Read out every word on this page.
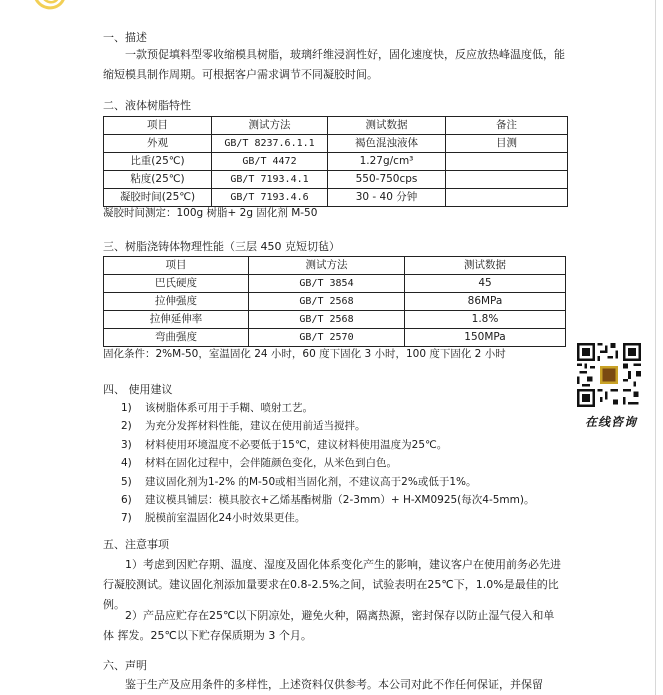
一、描述
一款预促填料型零收缩模具树脂，玻璃纤维浸润性好，固化速度快，反应放热峰温度低，能缩短模具制作周期。可根据客户需求调节不同凝胶时间。
二、液体树脂特性
项目	测试方法	测试数据	备注
外观	GB/T 8237.6.1.1	褐色混浊液体	目测
比重(25℃)	GB/T 4472	1.27g/cm³	
粘度(25℃)	GB/T 7193.4.1	550-750cps	
凝胶时间(25℃)	GB/T 7193.4.6	30 - 40 分钟	
凝胶时间测定：100g 树脂+ 2g 固化剂 M-50
三、树脂浇铸体物理性能（三层 450 克短切毡）
项目	测试方法	测试数据
巴氏硬度	GB/T 3854	45
拉伸强度	GB/T 2568	86MPa
拉伸延伸率	GB/T 2568	1.8%
弯曲强度	GB/T 2570	150MPa
固化条件：2%M-50，室温固化 24 小时，60 度下固化 3 小时，100 度下固化 2 小时
在线咨询
四、 使用建议
1) 该树脂体系可用于手糊、喷射工艺。
2) 为充分发挥材料性能，建议在使用前适当搅拌。
3) 材料使用环境温度不必要低于15℃，建议材料使用温度为25℃。
4) 材料在固化过程中，会伴随颜色变化，从米色到白色。
5) 建议固化剂为1-2% 的M-50或相当固化剂，不建议高于2%或低于1%。
6) 建议模具铺层：模具胶衣+乙烯基酯树脂（2-3mm）+ H-XM0925(每次4-5mm)。
7) 脱模前室温固化24小时效果更佳。
五、注意事项
1）考虑到因贮存期、温度、湿度及固化体系变化产生的影响，建议客户在使用前务必先进行凝胶测试。建议固化剂添加量要求在0.8-2.5%之间，试验表明在25℃下，1.0%是最佳的比例。
2）产品应贮存在25℃以下阴凉处，避免火种，隔离热源，密封保存以防止湿气侵入和单体 挥发。25℃以下贮存保质期为 3 个月。
六、声明
鉴于生产及应用条件的多样性，上述资料仅供参考。本公司对此不作任何保证，并保留
